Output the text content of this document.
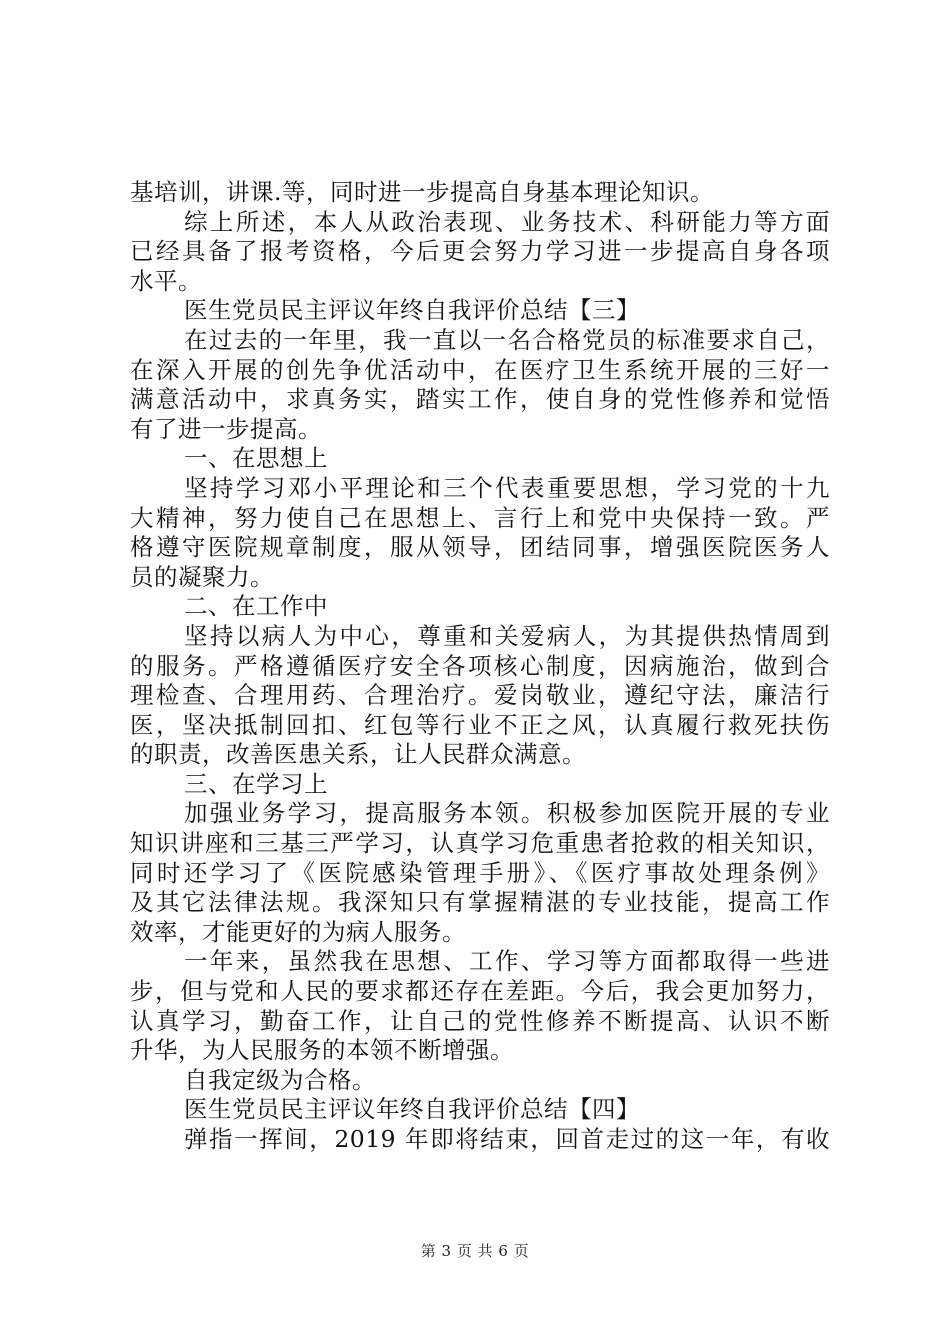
基培训，讲课.等，同时进一步提高自身基本理论知识。
综上所述，本人从政治表现、业务技术、科研能力等方面
已经具备了报考资格，今后更会努力学习进一步提高自身各项
水平。
医生党员民主评议年终自我评价总结【三】
在过去的一年里，我一直以一名合格党员的标准要求自己，
在深入开展的创先争优活动中，在医疗卫生系统开展的三好一
满意活动中，求真务实，踏实工作，使自身的党性修养和觉悟
有了进一步提高。
一、在思想上
坚持学习邓小平理论和三个代表重要思想，学习党的十九
大精神，努力使自己在思想上、言行上和党中央保持一致。严
格遵守医院规章制度，服从领导，团结同事，增强医院医务人
员的凝聚力。
二、在工作中
坚持以病人为中心，尊重和关爱病人，为其提供热情周到
的服务。严格遵循医疗安全各项核心制度，因病施治，做到合
理检查、合理用药、合理治疗。爱岗敬业，遵纪守法，廉洁行
医，坚决抵制回扣、红包等行业不正之风，认真履行救死扶伤
的职责，改善医患关系，让人民群众满意。
三、在学习上
加强业务学习，提高服务本领。积极参加医院开展的专业
知识讲座和三基三严学习，认真学习危重患者抢救的相关知识，
同时还学习了《医院感染管理手册》、《医疗事故处理条例》
及其它法律法规。我深知只有掌握精湛的专业技能，提高工作
效率，才能更好的为病人服务。
一年来，虽然我在思想、工作、学习等方面都取得一些进
步，但与党和人民的要求都还存在差距。今后，我会更加努力，
认真学习，勤奋工作，让自己的党性修养不断提高、认识不断
升华，为人民服务的本领不断增强。
自我定级为合格。
医生党员民主评议年终自我评价总结【四】
弹指一挥间，2019 年即将结束，回首走过的这一年，有收
第 3 页 共 6 页
